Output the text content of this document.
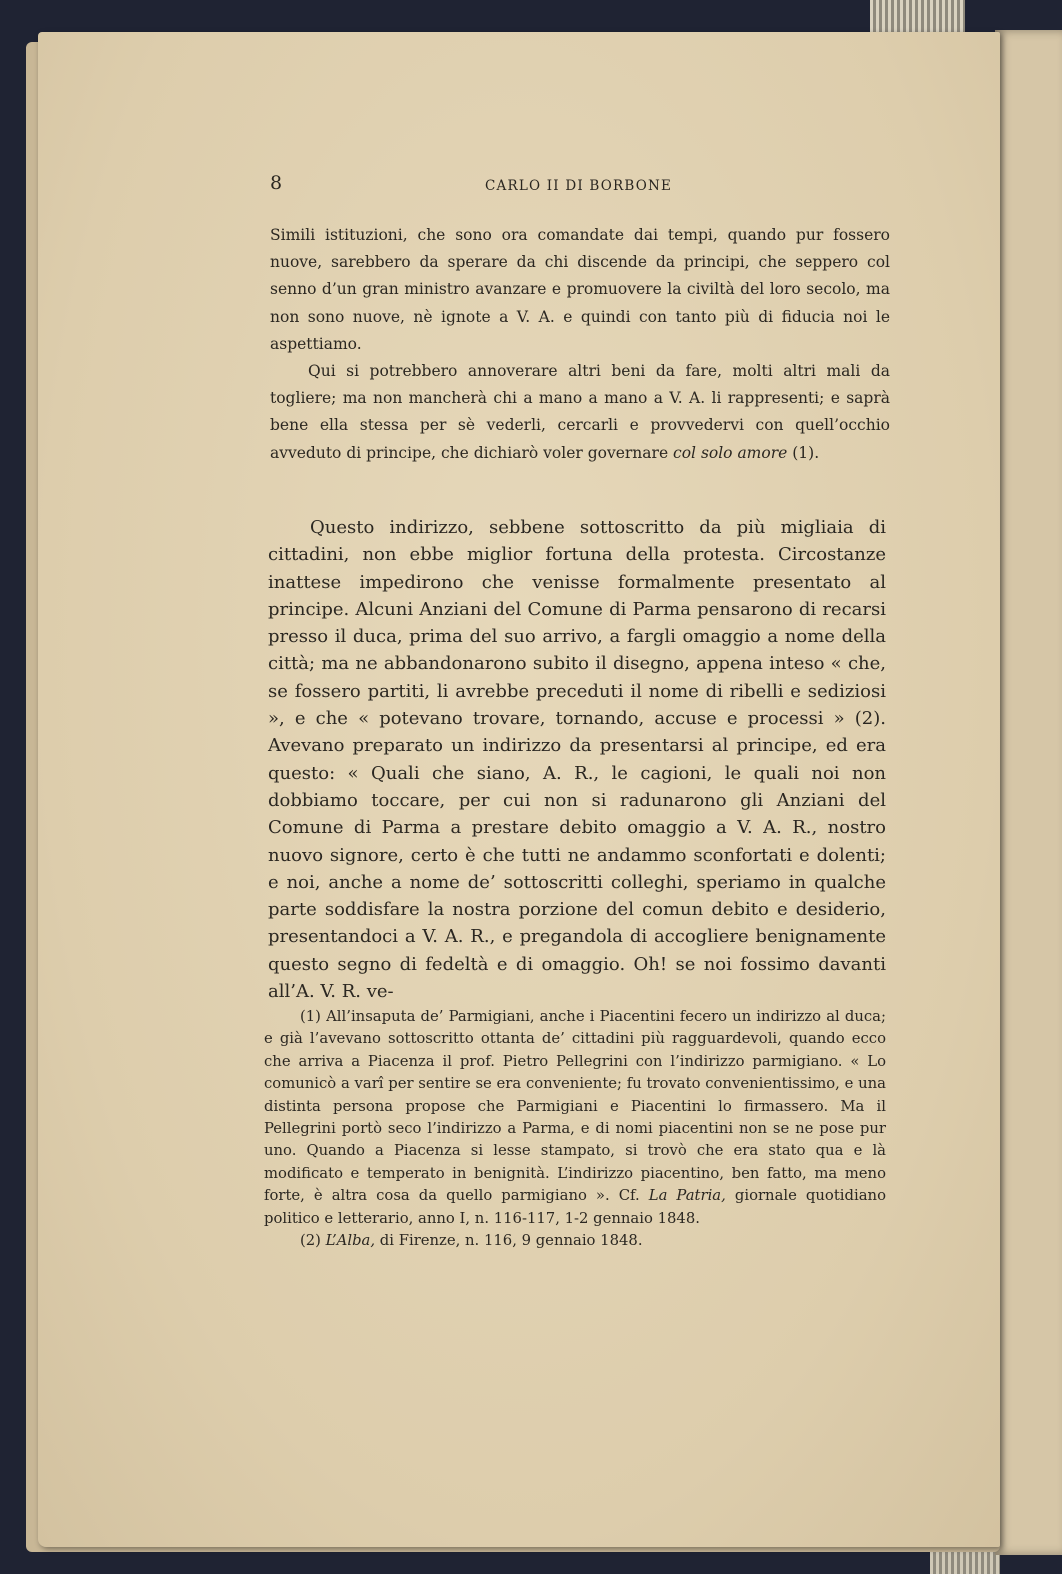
8	CARLO II DI BORBONE

Simili istituzioni, che sono ora comandate dai tempi, quando pur fossero nuove, sarebbero da sperare da chi discende da principi, che seppero col senno d’un gran ministro avanzare e promuovere la civiltà del loro secolo, ma non sono nuove, nè ignote a V. A. e quindi con tanto più di fiducia noi le aspettiamo.

Qui si potrebbero annoverare altri beni da fare, molti altri mali da togliere; ma non mancherà chi a mano a mano a V. A. li rappresenti; e saprà bene ella stessa per sè vederli, cercarli e provvedervi con quell’occhio avveduto di principe, che dichiarò voler governare col solo amore (1).

Questo indirizzo, sebbene sottoscritto da più migliaia di cittadini, non ebbe miglior fortuna della protesta. Circostanze inattese impedirono che venisse formalmente presentato al principe. Alcuni Anziani del Comune di Parma pensarono di recarsi presso il duca, prima del suo arrivo, a fargli omaggio a nome della città; ma ne abbandonarono subito il disegno, appena inteso « che, se fossero partiti, li avrebbe preceduti il nome di ribelli e sediziosi », e che « potevano trovare, tornando, accuse e processi » (2). Avevano preparato un indirizzo da presentarsi al principe, ed era questo: « Quali che siano, A. R., le cagioni, le quali noi non dobbiamo toccare, per cui non si radunarono gli Anziani del Comune di Parma a prestare debito omaggio a V. A. R., nostro nuovo signore, certo è che tutti ne andammo sconfortati e dolenti; e noi, anche a nome de’ sottoscritti colleghi, speriamo in qualche parte soddisfare la nostra porzione del comun debito e desiderio, presentandoci a V. A. R., e pregandola di accogliere benignamente questo segno di fedeltà e di omaggio. Oh! se noi fossimo davanti all’A. V. R. ve-

(1) All’insaputa de’ Parmigiani, anche i Piacentini fecero un indirizzo al duca; e già l’avevano sottoscritto ottanta de’ cittadini più ragguardevoli, quando ecco che arriva a Piacenza il prof. Pietro Pellegrini con l’indirizzo parmigiano. « Lo comunicò a varî per sentire se era conveniente; fu trovato convenientissimo, e una distinta persona propose che Parmigiani e Piacentini lo firmassero. Ma il Pellegrini portò seco l’indirizzo a Parma, e di nomi piacentini non se ne pose pur uno. Quando a Piacenza si lesse stampato, si trovò che era stato qua e là modificato e temperato in benignità. L’indirizzo piacentino, ben fatto, ma meno forte, è altra cosa da quello parmigiano ». Cf. La Patria, giornale quotidiano politico e letterario, anno I, n. 116-117, 1-2 gennaio 1848.

(2) L’Alba, di Firenze, n. 116, 9 gennaio 1848.
